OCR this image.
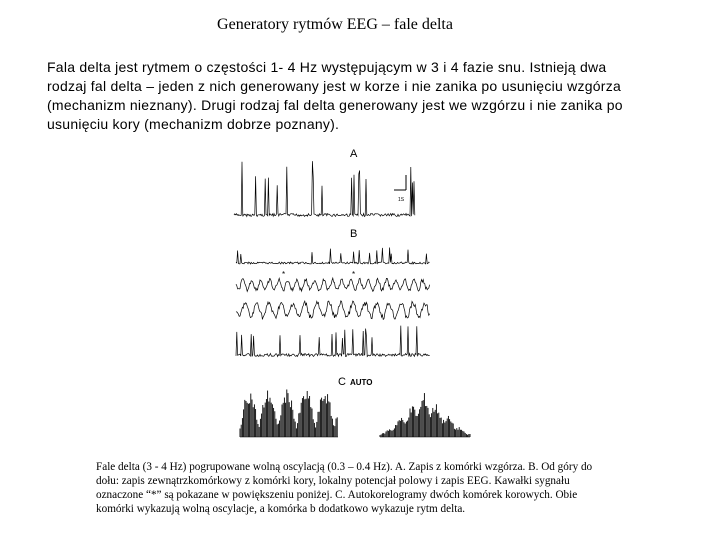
Generatory rytmów EEG – fale delta
Fala delta jest rytmem o częstości 1- 4 Hz występującym w 3 i 4 fazie snu. Istnieją dwa rodzaj fal delta – jeden z nich generowany jest w korze i nie zanika po usunięciu wzgórza (mechanizm nieznany). Drugi rodzaj fal delta generowany jest we wzgórzu i nie zanika po usunięciu kory (mechanizm dobrze poznany).
A
B
C AUTO
1S
*	*
Fale delta (3 - 4 Hz) pogrupowane wolną oscylacją (0.3 – 0.4 Hz). A. Zapis z komórki wzgórza. B. Od góry do dołu: zapis zewnątrzkomórkowy z komórki kory, lokalny potencjał polowy i zapis EEG. Kawałki sygnału oznaczone “*” są pokazane w powiększeniu poniżej. C. Autokorelogramy dwóch komórek korowych. Obie komórki wykazują wolną oscylacje, a komórka b dodatkowo wykazuje rytm delta.
